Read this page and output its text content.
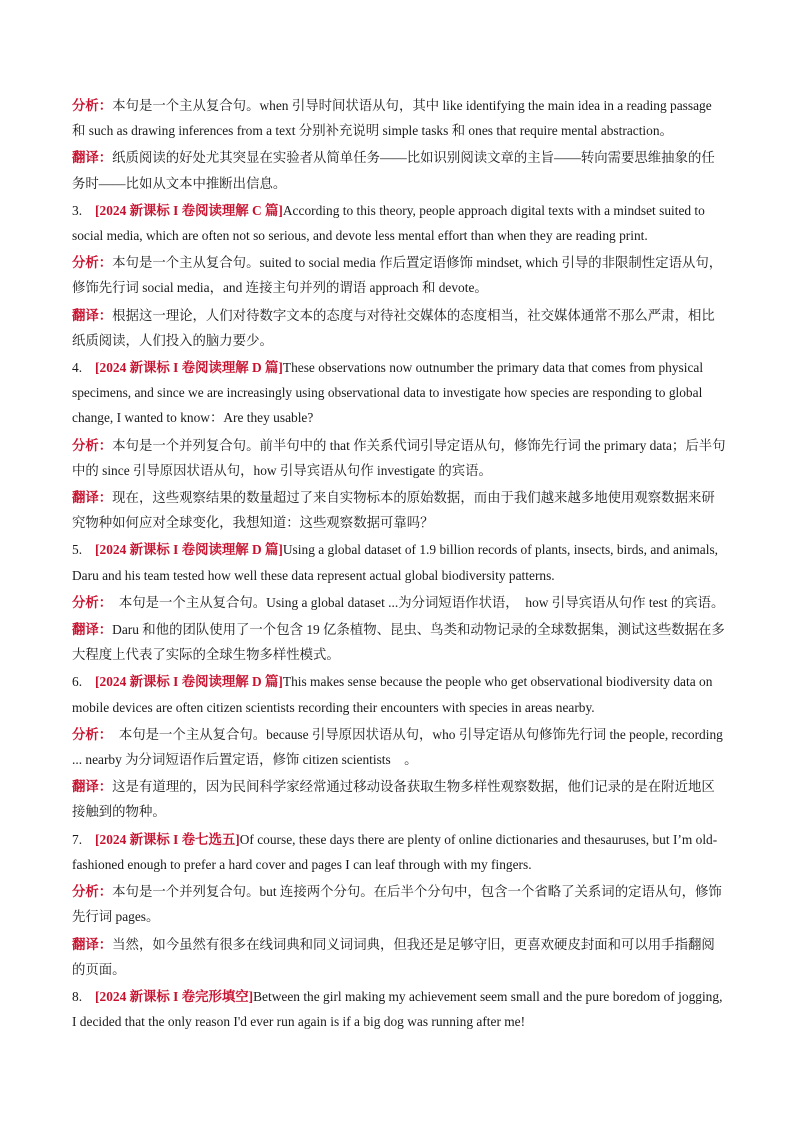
分析：本句是一个主从复合句。when 引导时间状语从句，其中 like identifying the main idea in a reading passage 和 such as drawing inferences from a text 分别补充说明 simple tasks 和 ones that require mental abstraction。

翻译：纸质阅读的好处尤其突显在实验者从简单任务——比如识别阅读文章的主旨——转向需要思维抽象的任务时——比如从文本中推断出信息。

3. [2024 新课标 I 卷阅读理解 C 篇]According to this theory, people approach digital texts with a mindset suited to social media, which are often not so serious, and devote less mental effort than when they are reading print.

分析：本句是一个主从复合句。suited to social media 作后置定语修饰 mindset, which 引导的非限制性定语从句，修饰先行词 social media，and 连接主句并列的谓语 approach 和 devote。

翻译：根据这一理论，人们对待数字文本的态度与对待社交媒体的态度相当，社交媒体通常不那么严肃，相比纸质阅读，人们投入的脑力要少。

4. [2024 新课标 I 卷阅读理解 D 篇]These observations now outnumber the primary data that comes from physical specimens, and since we are increasingly using observational data to investigate how species are responding to global change, I wanted to know：Are they usable?

分析：本句是一个并列复合句。前半句中的 that 作关系代词引导定语从句，修饰先行词 the primary data；后半句中的 since 引导原因状语从句，how 引导宾语从句作 investigate 的宾语。

翻译：现在，这些观察结果的数量超过了来自实物标本的原始数据，而由于我们越来越多地使用观察数据来研究物种如何应对全球变化，我想知道：这些观察数据可靠吗？

5. [2024 新课标 I 卷阅读理解 D 篇]Using a global dataset of 1.9 billion records of plants, insects, birds, and animals, Daru and his team tested how well these data represent actual global biodiversity patterns.

分析：　本句是一个主从复合句。Using a global dataset ...为分词短语作状语，　how 引导宾语从句作 test 的宾语。

翻译：Daru 和他的团队使用了一个包含 19 亿条植物、昆虫、鸟类和动物记录的全球数据集，测试这些数据在多大程度上代表了实际的全球生物多样性模式。

6. [2024 新课标 I 卷阅读理解 D 篇]This makes sense because the people who get observational biodiversity data on mobile devices are often citizen scientists recording their encounters with species in areas nearby.

分析：　本句是一个主从复合句。because 引导原因状语从句，who 引导定语从句修饰先行词 the people, recording ... nearby 为分词短语作后置定语，修饰 citizen scientists　。

翻译：这是有道理的，因为民间科学家经常通过移动设备获取生物多样性观察数据，他们记录的是在附近地区接触到的物种。

7. [2024 新课标 I 卷七选五]Of course, these days there are plenty of online dictionaries and thesauruses, but I’m old-fashioned enough to prefer a hard cover and pages I can leaf through with my fingers.

分析：本句是一个并列复合句。but 连接两个分句。在后半个分句中，包含一个省略了关系词的定语从句，修饰先行词 pages。

翻译：当然，如今虽然有很多在线词典和同义词词典，但我还是足够守旧，更喜欢硬皮封面和可以用手指翻阅的页面。

8. [2024 新课标 I 卷完形填空]Between the girl making my achievement seem small and the pure boredom of jogging, I decided that the only reason I'd ever run again is if a big dog was running after me!
